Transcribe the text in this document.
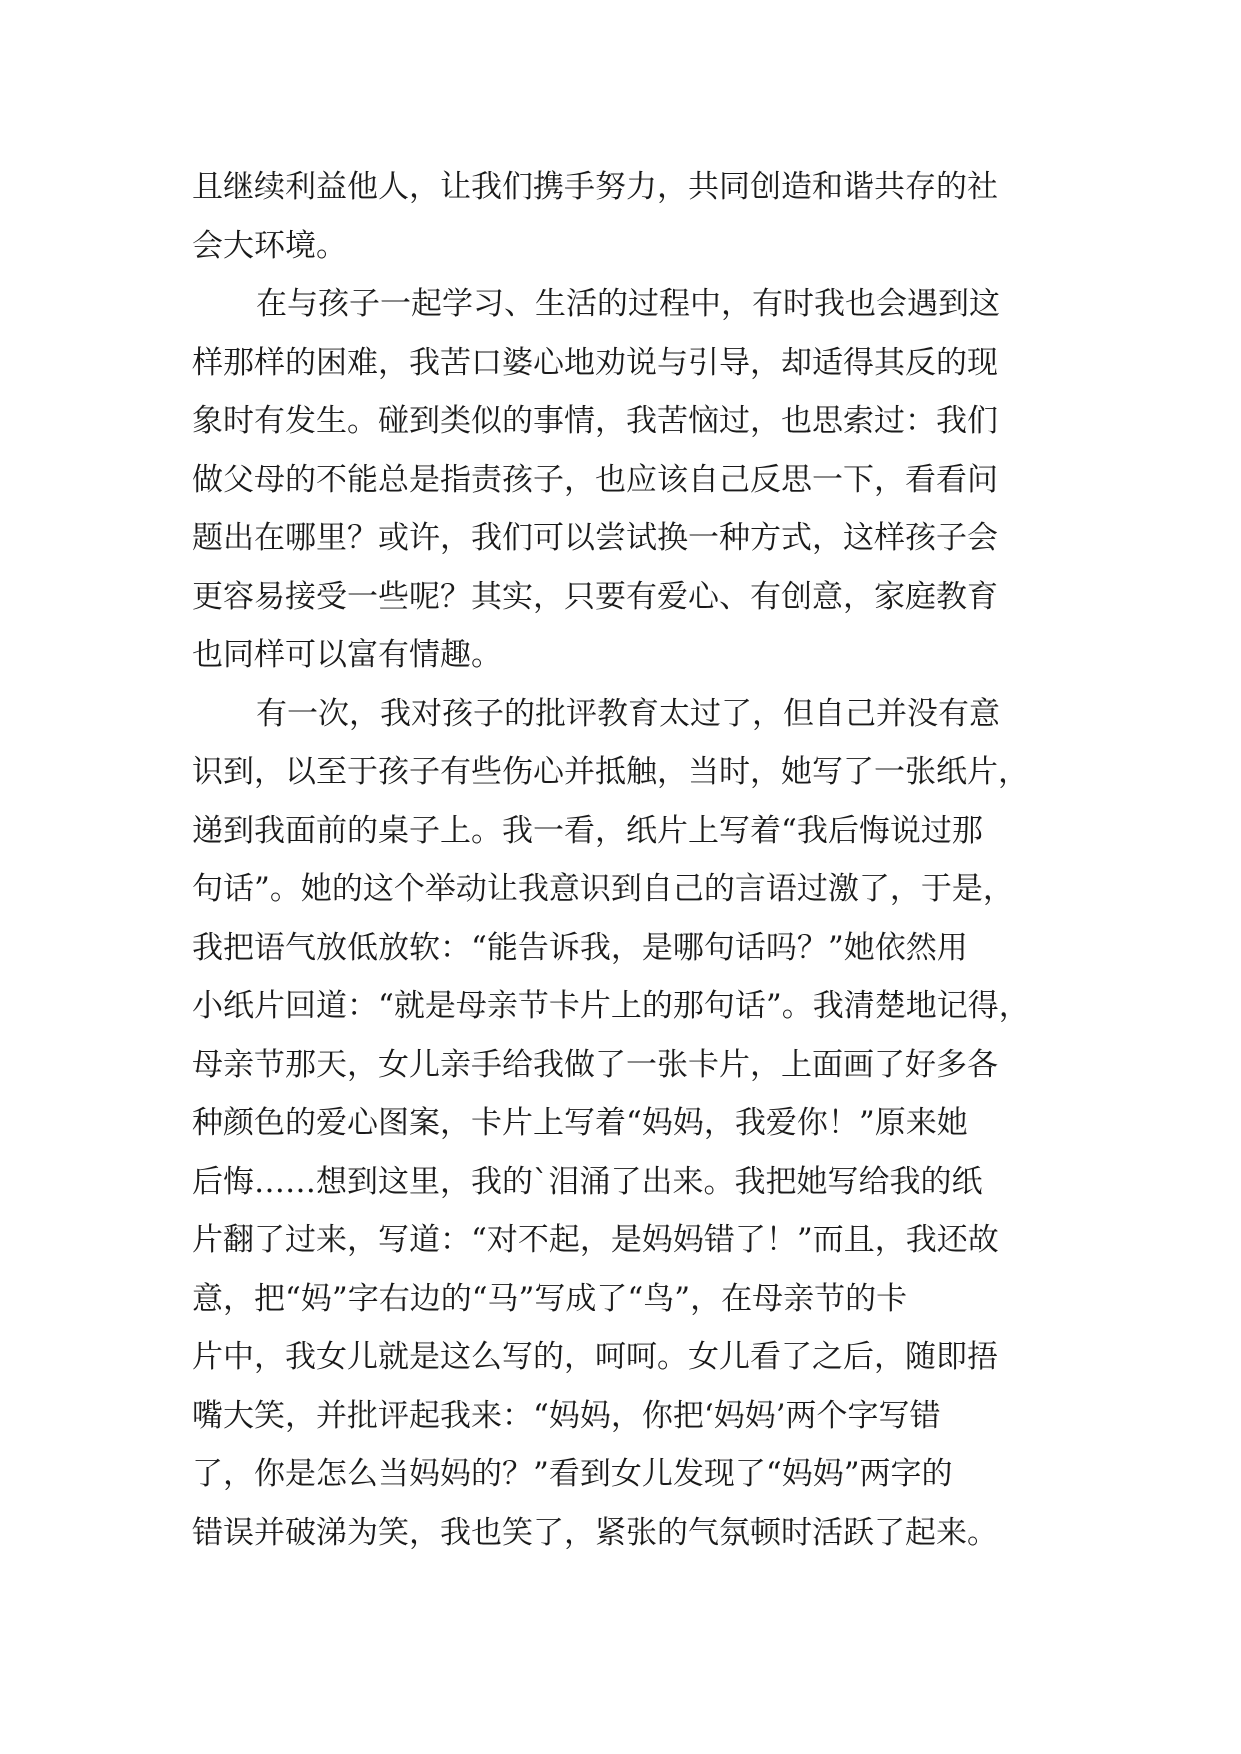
且继续利益他人，让我们携手努力，共同创造和谐共存的社
会大环境。
在与孩子一起学习、生活的过程中，有时我也会遇到这
样那样的困难，我苦口婆心地劝说与引导，却适得其反的现
象时有发生。碰到类似的事情，我苦恼过，也思索过：我们
做父母的不能总是指责孩子，也应该自己反思一下，看看问
题出在哪里？或许，我们可以尝试换一种方式，这样孩子会
更容易接受一些呢？其实，只要有爱心、有创意，家庭教育
也同样可以富有情趣。
有一次，我对孩子的批评教育太过了，但自己并没有意
识到，以至于孩子有些伤心并抵触，当时，她写了一张纸片，
递到我面前的桌子上。我一看，纸片上写着“我后悔说过那
句话”。她的这个举动让我意识到自己的言语过激了，于是，
我把语气放低放软：“能告诉我，是哪句话吗？”她依然用
小纸片回道：“就是母亲节卡片上的那句话”。我清楚地记得，
母亲节那天，女儿亲手给我做了一张卡片，上面画了好多各
种颜色的爱心图案，卡片上写着“妈妈，我爱你！”原来她
后悔……想到这里，我的`泪涌了出来。我把她写给我的纸
片翻了过来，写道：“对不起，是妈妈错了！”而且，我还故
意，把“妈”字右边的“马”写成了“鸟”，在母亲节的卡
片中，我女儿就是这么写的，呵呵。女儿看了之后，随即捂
嘴大笑，并批评起我来：“妈妈，你把‘妈妈’两个字写错
了，你是怎么当妈妈的？”看到女儿发现了“妈妈”两字的
错误并破涕为笑，我也笑了，紧张的气氛顿时活跃了起来。
